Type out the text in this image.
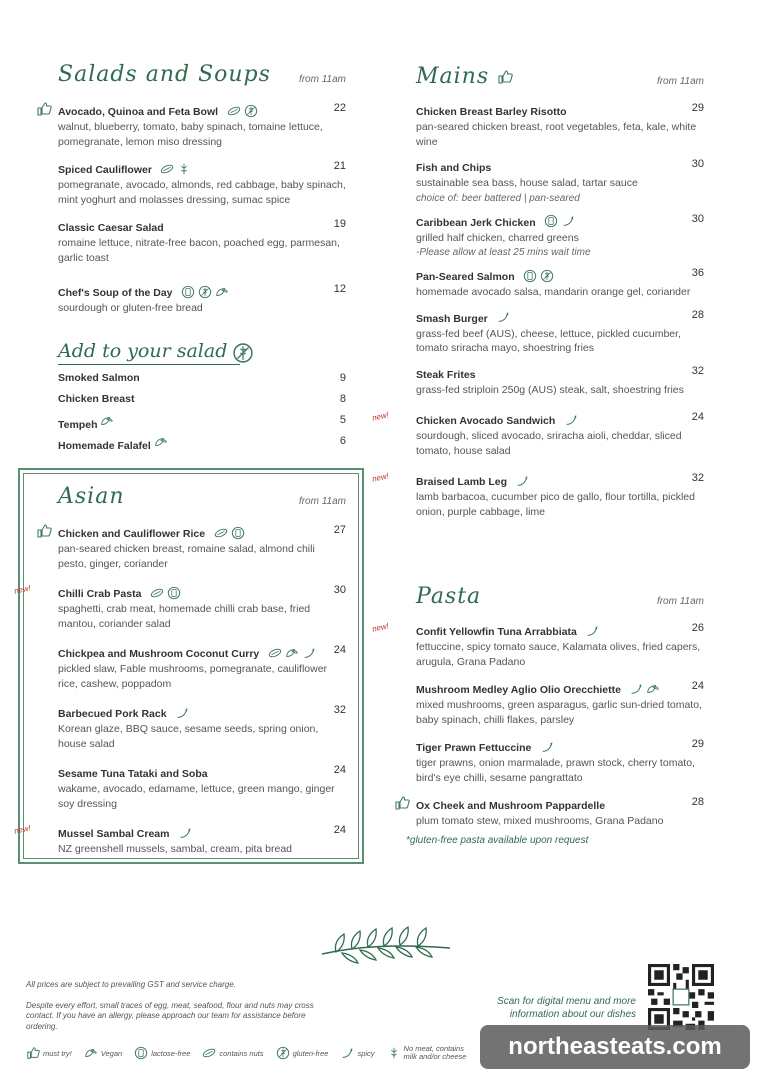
Salads and Soups	from 11am
Avocado, Quinoa and Feta Bowl	22
walnut, blueberry, tomato, baby spinach, tomaine lettuce, pomegranate, lemon miso dressing
Spiced Cauliflower	21
pomegranate, avocado, almonds, red cabbage, baby spinach, mint yoghurt and molasses dressing, sumac spice
Classic Caesar Salad	19
romaine lettuce, nitrate-free bacon, poached egg, parmesan, garlic toast
Chef's Soup of the Day	12
sourdough or gluten-free bread
Add to your salad
Smoked Salmon	9
Chicken Breast	8
Tempeh	5
Homemade Falafel	6
Asian	from 11am
Chicken and Cauliflower Rice	27
pan-seared chicken breast, romaine salad, almond chili pesto, ginger, coriander
new!	Chilli Crab Pasta	30
spaghetti, crab meat, homemade chilli crab base, fried mantou, coriander salad
Chickpea and Mushroom Coconut Curry	24
pickled slaw, Fable mushrooms, pomegranate, cauliflower rice, cashew, poppadom
Barbecued Pork Rack	32
Korean glaze, BBQ sauce, sesame seeds, spring onion, house salad
Sesame Tuna Tataki and Soba	24
wakame, avocado, edamame, lettuce, green mango, ginger soy dressing
new!	Mussel Sambal Cream	24
NZ greenshell mussels, sambal, cream, pita bread
Mains	from 11am
Chicken Breast Barley Risotto	29
pan-seared chicken breast, root vegetables, feta, kale, white wine
Fish and Chips	30
sustainable sea bass, house salad, tartar sauce
choice of: beer battered | pan-seared
Caribbean Jerk Chicken	30
grilled half chicken, charred greens
-Please allow at least 25 mins wait time
Pan-Seared Salmon	36
homemade avocado salsa, mandarin orange gel, coriander
Smash Burger	28
grass-fed beef (AUS), cheese, lettuce, pickled cucumber, tomato sriracha mayo, shoestring fries
Steak Frites	32
grass-fed striploin 250g (AUS) steak, salt, shoestring fries
new!	Chicken Avocado Sandwich	24
sourdough, sliced avocado, sriracha aioli, cheddar, sliced tomato, house salad
new!	Braised Lamb Leg	32
lamb barbacoa, cucumber pico de gallo, flour tortilla, pickled onion, purple cabbage, lime
Pasta	from 11am
new!	Confit Yellowfin Tuna Arrabbiata	26
fettuccine, spicy tomato sauce, Kalamata olives, fried capers, arugula, Grana Padano
Mushroom Medley Aglio Olio Orecchiette	24
mixed mushrooms, green asparagus, garlic sun-dried tomato, baby spinach, chilli flakes, parsley
Tiger Prawn Fettuccine	29
tiger prawns, onion marmalade, prawn stock, cherry tomato, bird's eye chilli, sesame pangrattato
Ox Cheek and Mushroom Pappardelle	28
plum tomato stew, mixed mushrooms, Grana Padano
*gluten-free pasta available upon request
All prices are subject to prevailing GST and service charge.
Despite every effort, small traces of egg, meat, seafood, flour and nuts may cross contact. If you have an allergy, please approach our team for assistance before ordering.
must try!	Vegan	lactose-free	contains nuts	gluten-free	spicy	No meat, contains milk and/or cheese
Scan for digital menu and more information about our dishes
northeasteats.com
